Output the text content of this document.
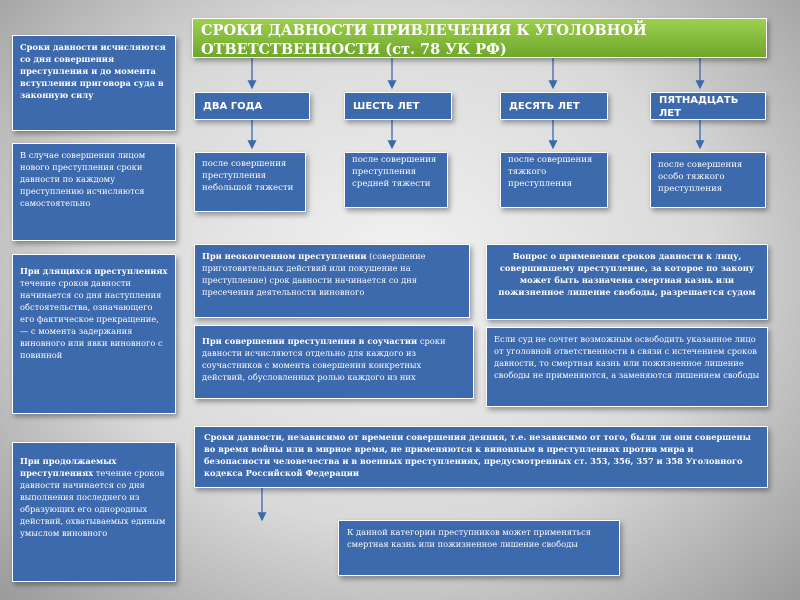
СРОКИ ДАВНОСТИ ПРИВЛЕЧЕНИЯ К УГОЛОВНОЙ ОТВЕТСТВЕННОСТИ (ст. 78 УК РФ)
Сроки давности исчисляются со дня совершения преступления и до момента вступления приговора суда в законную силу
В случае совершения лицом нового преступления сроки давности по каждому преступлению исчисляются самостоятельно
При длящихся преступлениях течение сроков давности начинается со дня наступления обстоятельства, означающего его фактическое прекращение, — с момента задержания виновного или явки виновного с повинной
При продолжаемых преступлениях течение сроков давности начинается со дня выполнения последнего из образующих его однородных действий, охватываемых единым умыслом виновного
ДВА ГОДА	ШЕСТЬ ЛЕТ	ДЕСЯТЬ ЛЕТ
ПЯТНАДЦАТЬ ЛЕТ
после совершения преступления небольшой тяжести
после совершения преступления средней тяжести
после совершения тяжкого преступления
после совершения особо тяжкого преступления
При неоконченном преступлении (совершение приготовительных действий или покушение на преступление) срок давности начинается со дня пресечения деятельности виновного
При совершении преступления в соучастии сроки давности исчисляются отдельно для каждого из соучастников с момента совершения конкретных действий, обусловленных ролью каждого из них
Вопрос о применении сроков давности к лицу, совершившему преступление, за которое по закону может быть назначена смертная казнь или пожизненное лишение свободы, разрешается судом
Если суд не сочтет возможным освободить указанное лицо от уголовной ответственности в связи с истечением сроков давности, то смертная казнь или пожизненное лишение свободы не применяются, а заменяются лишением свободы
Сроки давности, независимо от времени совершения деяния, т.е. независимо от того, были ли они совершены во время войны или в мирное время, не применяются к виновным в преступлениях против мира и безопасности человечества и в военных преступлениях, предусмотренных ст. 353, 356, 357 и 358 Уголовного кодекса Российской Федерации
К данной категории преступников может применяться смертная казнь или пожизненное лишение свободы
